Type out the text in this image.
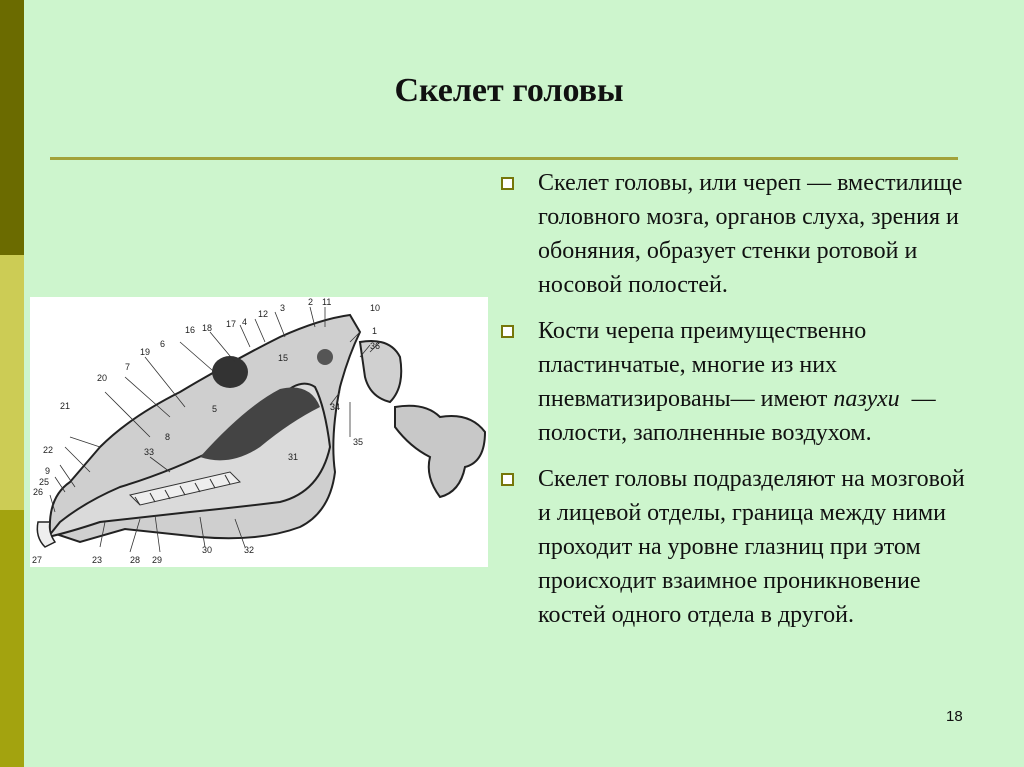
Скелет головы
1
2
3
4
5
6
7
8
9
10
11
12
15
16
17
18
19
20
21
22
23
25
26
27	28 29
30
31
32
33
34
35
36
Скелет головы, или череп — вместилище головного мозга, органов слуха, зрения и обоняния, образует стенки ротовой и носовой полостей.
Кости черепа преимущественно пластинчатые, многие из них пневматизированы— имеют пазухи  — полости, заполненные воздухом.
Скелет головы подразделяют на мозговой и лицевой отделы, граница между ними проходит на уровне глазниц при этом происходит взаимное проникновение костей одного отдела в другой.
18
